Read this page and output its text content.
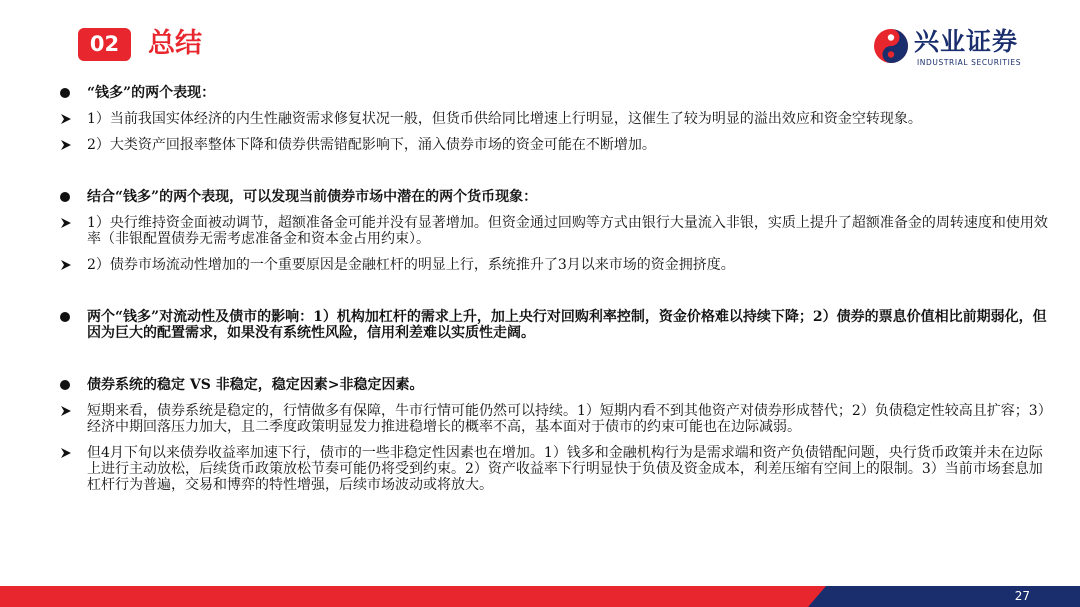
02	总结	兴业证券
INDUSTRIAL SECURITIES
“钱多”的两个表现：
1）当前我国实体经济的内生性融资需求修复状况一般，但货币供给同比增速上行明显，这催生了较为明显的溢出效应和资金空转现象。
2）大类资产回报率整体下降和债券供需错配影响下，涌入债券市场的资金可能在不断增加。
结合“钱多”的两个表现，可以发现当前债券市场中潜在的两个货币现象：
1）央行维持资金面被动调节，超额准备金可能并没有显著增加。但资金通过回购等方式由银行大量流入非银，实质上提升了超额准备金的周转速度和使用效率（非银配置债券无需考虑准备金和资本金占用约束）。
2）债券市场流动性增加的一个重要原因是金融杠杆的明显上行，系统推升了3月以来市场的资金拥挤度。
两个“钱多”对流动性及债市的影响：1）机构加杠杆的需求上升，加上央行对回购利率控制，资金价格难以持续下降；2）债券的票息价值相比前期弱化，但因为巨大的配置需求，如果没有系统性风险，信用利差难以实质性走阔。
债券系统的稳定 VS 非稳定，稳定因素>非稳定因素。
短期来看，债券系统是稳定的，行情做多有保障，牛市行情可能仍然可以持续。1）短期内看不到其他资产对债券形成替代；2）负债稳定性较高且扩容；3）经济中期回落压力加大，且二季度政策明显发力推进稳增长的概率不高，基本面对于债市的约束可能也在边际减弱。
但4月下旬以来债券收益率加速下行，债市的一些非稳定性因素也在增加。1）钱多和金融机构行为是需求端和资产负债错配问题，央行货币政策并未在边际上进行主动放松，后续货币政策放松节奏可能仍将受到约束。2）资产收益率下行明显快于负债及资金成本，利差压缩有空间上的限制。3）当前市场套息加杠杆行为普遍，交易和博弈的特性增强，后续市场波动或将放大。
27
